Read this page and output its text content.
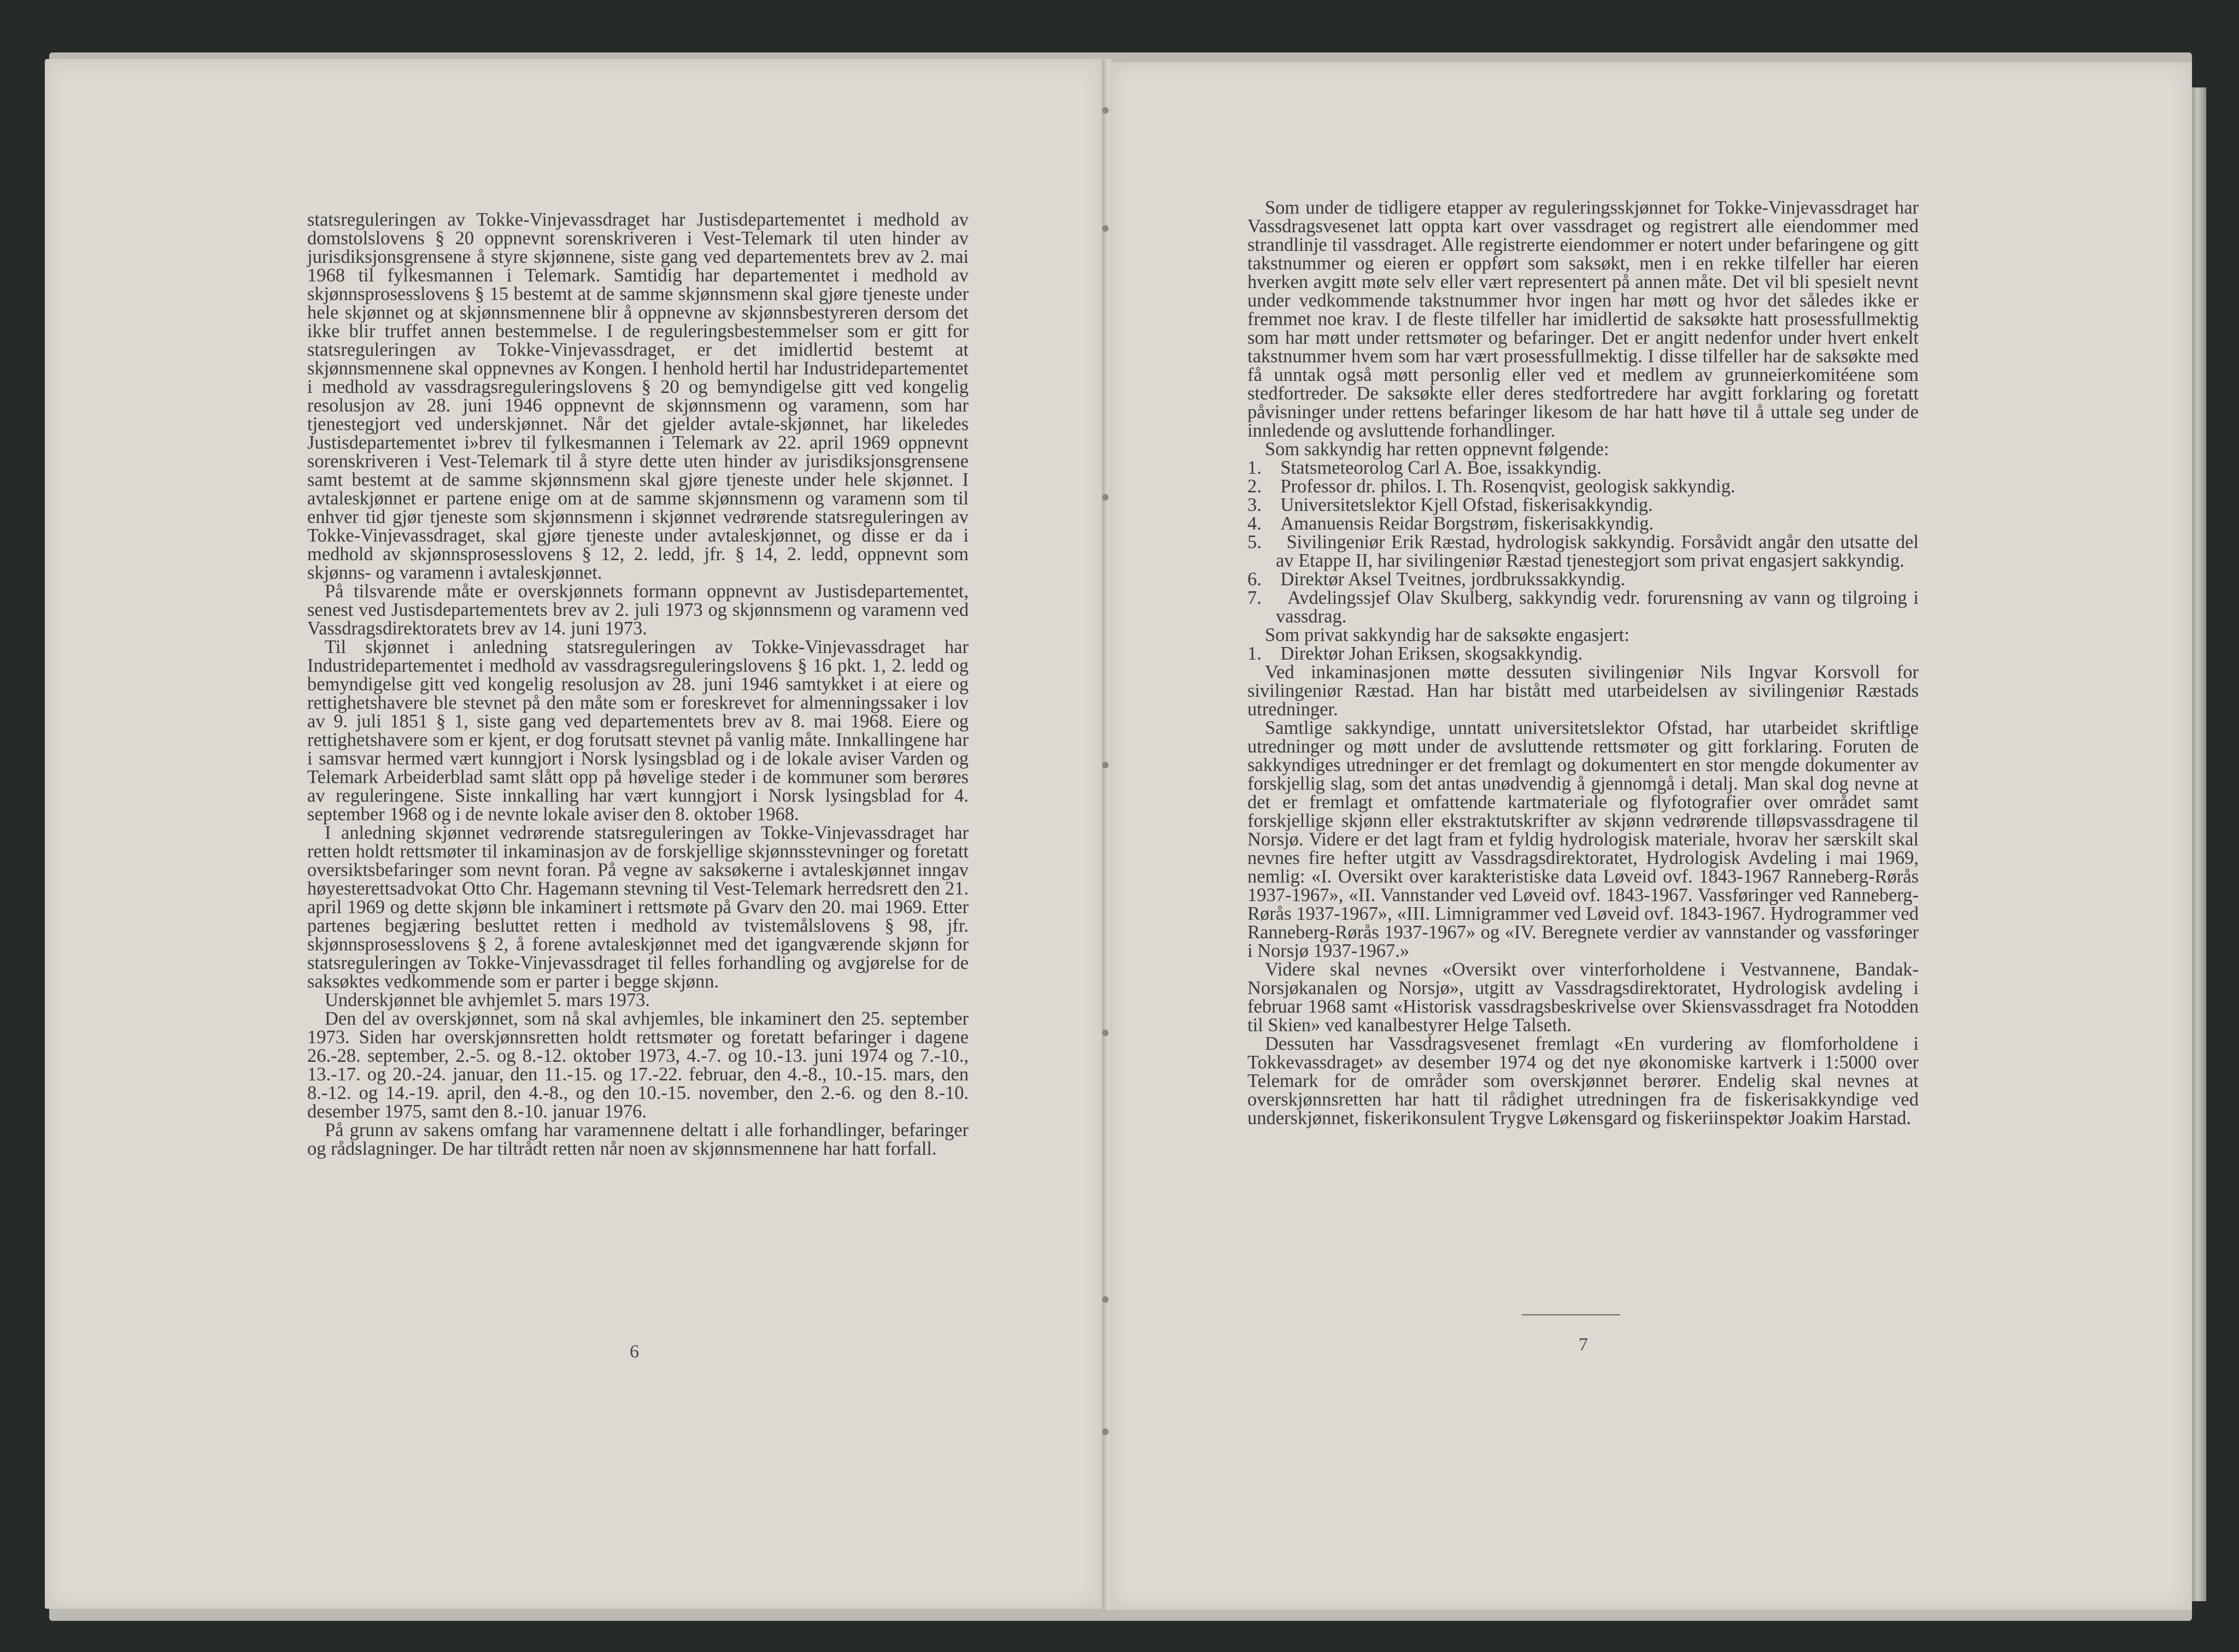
statsreguleringen av Tokke-Vinjevassdraget har Justisdepartementet i medhold av domstolslovens § 20 oppnevnt sorenskriveren i Vest-Telemark til uten hinder av jurisdiksjonsgrensene å styre skjønnene, siste gang ved departementets brev av 2. mai 1968 til fylkesmannen i Telemark. Samtidig har departementet i medhold av skjønnsprosesslovens § 15 bestemt at de samme skjønnsmenn skal gjøre tjeneste under hele skjønnet og at skjønnsmennene blir å oppnevne av skjønnsbestyreren dersom det ikke blir truffet annen bestemmelse. I de reguleringsbestemmelser som er gitt for statsreguleringen av Tokke-Vinjevassdraget, er det imidlertid bestemt at skjønnsmennene skal oppnevnes av Kongen. I henhold hertil har Industridepartementet i medhold av vassdragsreguleringslovens § 20 og bemyndigelse gitt ved kongelig resolusjon av 28. juni 1946 oppnevnt de skjønnsmenn og varamenn, som har tjenestegjort ved underskjønnet. Når det gjelder avtale-skjønnet, har likeledes Justisdepartementet i»brev til fylkesmannen i Telemark av 22. april 1969 oppnevnt sorenskriveren i Vest-Telemark til å styre dette uten hinder av jurisdiksjonsgrensene samt bestemt at de samme skjønnsmenn skal gjøre tjeneste under hele skjønnet. I avtaleskjønnet er partene enige om at de samme skjønnsmenn og varamenn som til enhver tid gjør tjeneste som skjønnsmenn i skjønnet vedrørende statsreguleringen av Tokke-Vinjevassdraget, skal gjøre tjeneste under avtaleskjønnet, og disse er da i medhold av skjønnsprosesslovens § 12, 2. ledd, jfr. § 14, 2. ledd, oppnevnt som skjønns- og varamenn i avtaleskjønnet.

På tilsvarende måte er overskjønnets formann oppnevnt av Justisdepartementet, senest ved Justisdepartementets brev av 2. juli 1973 og skjønnsmenn og varamenn ved Vassdragsdirektoratets brev av 14. juni 1973.

Til skjønnet i anledning statsreguleringen av Tokke-Vinjevassdraget har Industridepartementet i medhold av vassdragsreguleringslovens § 16 pkt. 1, 2. ledd og bemyndigelse gitt ved kongelig resolusjon av 28. juni 1946 samtykket i at eiere og rettighetshavere ble stevnet på den måte som er foreskrevet for almenningssaker i lov av 9. juli 1851 § 1, siste gang ved departementets brev av 8. mai 1968. Eiere og rettighetshavere som er kjent, er dog forutsatt stevnet på vanlig måte. Innkallingene har i samsvar hermed vært kunngjort i Norsk lysingsblad og i de lokale aviser Varden og Telemark Arbeiderblad samt slått opp på høvelige steder i de kommuner som berøres av reguleringene. Siste innkalling har vært kunngjort i Norsk lysingsblad for 4. september 1968 og i de nevnte lokale aviser den 8. oktober 1968.

I anledning skjønnet vedrørende statsreguleringen av Tokke-Vinjevassdraget har retten holdt rettsmøter til inkaminasjon av de forskjellige skjønnsstevninger og foretatt oversiktsbefaringer som nevnt foran. På vegne av saksøkerne i avtaleskjønnet inngav høyesterettsadvokat Otto Chr. Hagemann stevning til Vest-Telemark herredsrett den 21. april 1969 og dette skjønn ble inkaminert i rettsmøte på Gvarv den 20. mai 1969. Etter partenes begjæring besluttet retten i medhold av tvistemålslovens § 98, jfr. skjønnsprosesslovens § 2, å forene avtaleskjønnet med det igangværende skjønn for statsreguleringen av Tokke-Vinjevassdraget til felles forhandling og avgjørelse for de saksøktes vedkommende som er parter i begge skjønn.

Underskjønnet ble avhjemlet 5. mars 1973.

Den del av overskjønnet, som nå skal avhjemles, ble inkaminert den 25. september 1973. Siden har overskjønnsretten holdt rettsmøter og foretatt befaringer i dagene 26.-28. september, 2.-5. og 8.-12. oktober 1973, 4.-7. og 10.-13. juni 1974 og 7.-10., 13.-17. og 20.-24. januar, den 11.-15. og 17.-22. februar, den 4.-8., 10.-15. mars, den 8.-12. og 14.-19. april, den 4.-8., og den 10.-15. november, den 2.-6. og den 8.-10. desember 1975, samt den 8.-10. januar 1976.

På grunn av sakens omfang har varamennene deltatt i alle forhandlinger, befaringer og rådslagninger. De har tiltrådt retten når noen av skjønnsmennene har hatt forfall.

6

Som under de tidligere etapper av reguleringsskjønnet for Tokke-Vinjevassdraget har Vassdragsvesenet latt oppta kart over vassdraget og registrert alle eiendommer med strandlinje til vassdraget. Alle registrerte eiendommer er notert under befaringene og gitt takstnummer og eieren er oppført som saksøkt, men i en rekke tilfeller har eieren hverken avgitt møte selv eller vært representert på annen måte. Det vil bli spesielt nevnt under vedkommende takstnummer hvor ingen har møtt og hvor det således ikke er fremmet noe krav. I de fleste tilfeller har imidlertid de saksøkte hatt prosessfullmektig som har møtt under rettsmøter og befaringer. Det er angitt nedenfor under hvert enkelt takstnummer hvem som har vært prosessfullmektig. I disse tilfeller har de saksøkte med få unntak også møtt personlig eller ved et medlem av grunneierkomitéene som stedfortreder. De saksøkte eller deres stedfortredere har avgitt forklaring og foretatt påvisninger under rettens befaringer likesom de har hatt høve til å uttale seg under de innledende og avsluttende forhandlinger.

Som sakkyndig har retten oppnevnt følgende:

1.    Statsmeteorolog Carl A. Boe, issakkyndig.

2.    Professor dr. philos. I. Th. Rosenqvist, geologisk sakkyndig.

3.    Universitetslektor Kjell Ofstad, fiskerisakkyndig.

4.    Amanuensis Reidar Borgstrøm, fiskerisakkyndig.

5.    Sivilingeniør Erik Ræstad, hydrologisk sakkyndig. Forsåvidt angår den utsatte del av Etappe II, har sivilingeniør Ræstad tjenestegjort som privat engasjert sakkyndig.

6.    Direktør Aksel Tveitnes, jordbrukssakkyndig.

7.    Avdelingssjef Olav Skulberg, sakkyndig vedr. forurensning av vann og tilgroing i vassdrag.

Som privat sakkyndig har de saksøkte engasjert:

1.    Direktør Johan Eriksen, skogsakkyndig.

Ved inkaminasjonen møtte dessuten sivilingeniør Nils Ingvar Korsvoll for sivilingeniør Ræstad. Han har bistått med utarbeidelsen av sivilingeniør Ræstads utredninger.

Samtlige sakkyndige, unntatt universitetslektor Ofstad, har utarbeidet skriftlige utredninger og møtt under de avsluttende rettsmøter og gitt forklaring. Foruten de sakkyndiges utredninger er det fremlagt og dokumentert en stor mengde dokumenter av forskjellig slag, som det antas unødvendig å gjennomgå i detalj. Man skal dog nevne at det er fremlagt et omfattende kartmateriale og flyfotografier over området samt forskjellige skjønn eller ekstraktutskrifter av skjønn vedrørende tilløpsvassdragene til Norsjø. Videre er det lagt fram et fyldig hydrologisk materiale, hvorav her særskilt skal nevnes fire hefter utgitt av Vassdragsdirektoratet, Hydrologisk Avdeling i mai 1969, nemlig: «I. Oversikt over karakteristiske data Løveid ovf. 1843-1967 Ranneberg-Rørås 1937-1967», «II. Vannstander ved Løveid ovf. 1843-1967. Vassføringer ved Ranneberg-Rørås 1937-1967», «III. Limnigrammer ved Løveid ovf. 1843-1967. Hydrogrammer ved Ranneberg-Rørås 1937-1967» og «IV. Beregnete verdier av vannstander og vassføringer i Norsjø 1937-1967.»

Videre skal nevnes «Oversikt over vinterforholdene i Vestvannene, Bandak-Norsjøkanalen og Norsjø», utgitt av Vassdragsdirektoratet, Hydrologisk avdeling i februar 1968 samt «Historisk vassdragsbeskrivelse over Skiensvassdraget fra Notodden til Skien» ved kanalbestyrer Helge Talseth.

Dessuten har Vassdragsvesenet fremlagt «En vurdering av flomforholdene i Tokkevassdraget» av desember 1974 og det nye økonomiske kartverk i 1:5000 over Telemark for de områder som overskjønnet berører. Endelig skal nevnes at overskjønnsretten har hatt til rådighet utredningen fra de fiskerisakkyndige ved underskjønnet, fiskerikonsulent Trygve Løkensgard og fiskeriinspektør Joakim Harstad.

7
